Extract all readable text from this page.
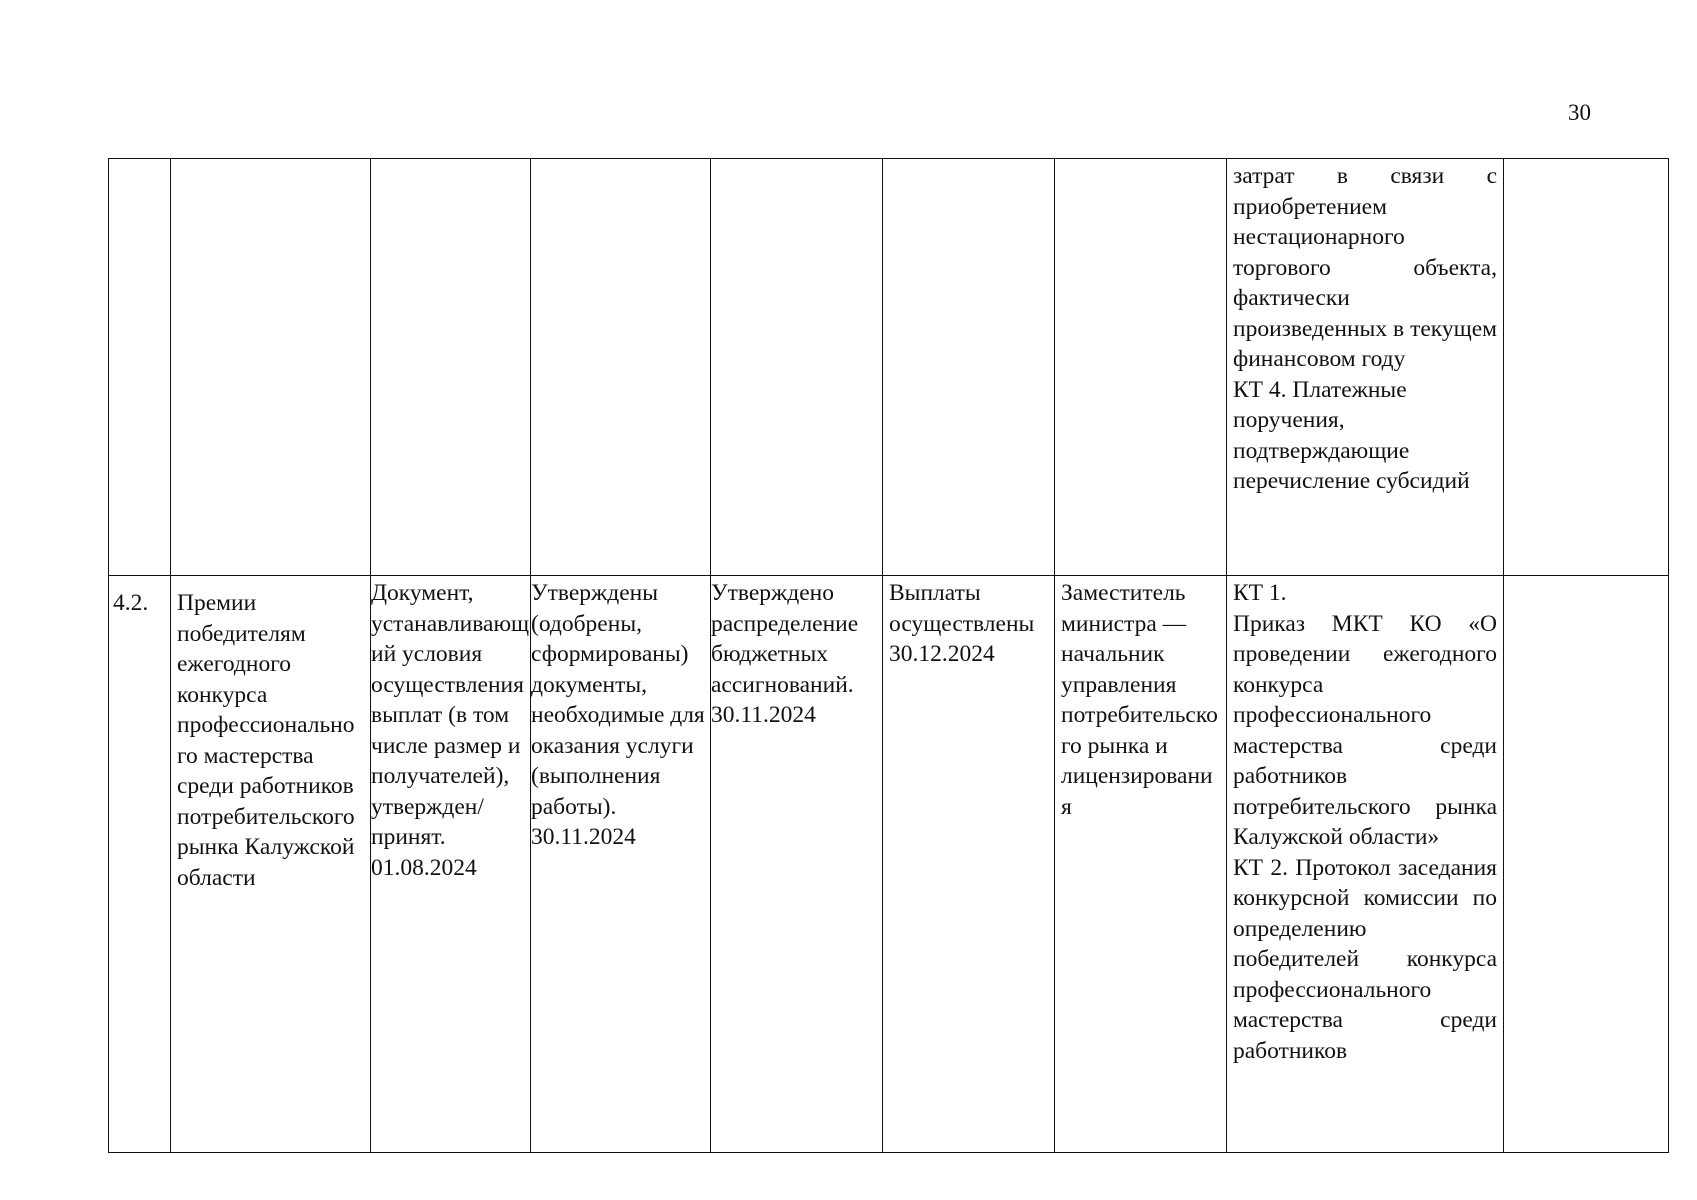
30

							затрат в связи с приобретением нестационарного торгового объекта, фактически произведенных в текущем финансовом году

КТ 4. Платежные поручения, подтверждающие перечисление субсидий	

4.2.	Премии победителям ежегодного конкурса профессионального мастерства среди работников потребительского рынка Калужской области	Документ, устанавливающий условия осуществления выплат (в том числе размер и получателей), утвержден/принят. 01.08.2024	Утверждены (одобрены, сформированы) документы, необходимые для оказания услуги (выполнения работы). 30.11.2024	Утверждено распределение бюджетных ассигнований. 30.11.2024	Выплаты осуществлены 30.12.2024	Заместитель министра — начальник управления потребительского рынка и лицензирования	КТ 1.

Приказ МКТ КО «О проведении ежегодного конкурса профессионального мастерства среди работников потребительского рынка Калужской области»

КТ 2. Протокол заседания конкурсной комиссии по определению победителей конкурса профессионального мастерства среди работников	
